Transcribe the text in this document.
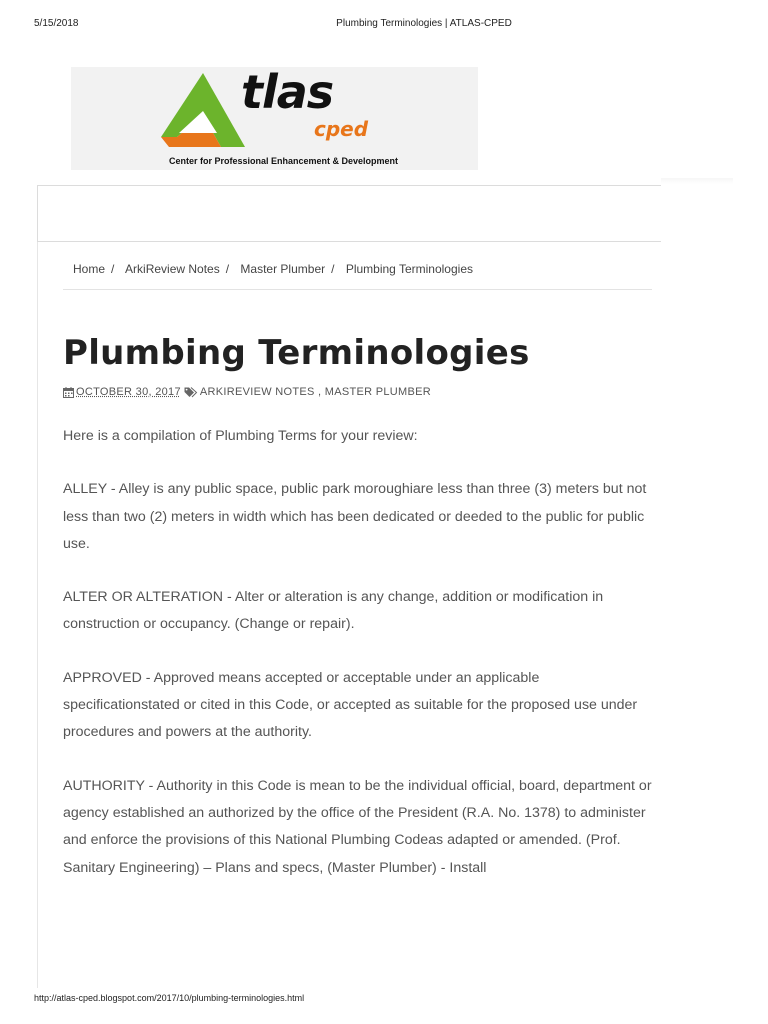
5/15/2018	Plumbing Terminologies | ATLAS-CPED
tlas
cped
Center for Professional Enhancement & Development
Home / ArkiReview Notes / Master Plumber / Plumbing Terminologies
Plumbing Terminologies
OCTOBER 30, 2017 ARKIREVIEW NOTES , MASTER PLUMBER

Here is a compilation of Plumbing Terms for your review:

ALLEY - Alley is any public space, public park moroughiare less than three (3) meters but not less than two (2) meters in width which has been dedicated or deeded to the public for public use.

ALTER OR ALTERATION - Alter or alteration is any change, addition or modification in construction or occupancy. (Change or repair).

APPROVED - Approved means accepted or acceptable under an applicable specificationstated or cited in this Code, or accepted as suitable for the proposed use under procedures and powers at the authority.

AUTHORITY - Authority in this Code is mean to be the individual official, board, department or agency established an authorized by the office of the President (R.A. No. 1378) to administer and enforce the provisions of this National Plumbing Codeas adapted or amended. (Prof. Sanitary Engineering) – Plans and specs, (Master Plumber) - Install

http://atlas-cped.blogspot.com/2017/10/plumbing-terminologies.html
